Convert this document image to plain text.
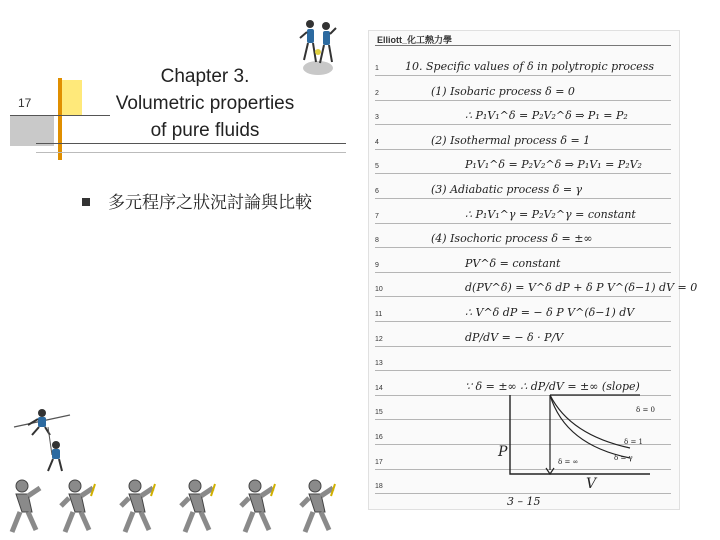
17
Chapter 3.
Volumetric properties
of pure fluids
多元程序之狀況討論與比較
Elliott_化工熱力學
1 10. Specific values of δ in polytropic process
2	(1) Isobaric process δ = 0
3	∴ P₁V₁^δ = P₂V₂^δ ⇒ P₁ = P₂
4	(2) Isothermal process δ = 1
5	P₁V₁^δ = P₂V₂^δ ⇒ P₁V₁ = P₂V₂
6	(3) Adiabatic process δ = γ
7	∴ P₁V₁^γ = P₂V₂^γ = constant
8	(4) Isochoric process δ = ±∞
9	PV^δ = constant
10	d(PV^δ) = V^δ dP + δ P V^(δ−1) dV = 0
11	∴ V^δ dP = − δ P V^(δ−1) dV
12	dP/dV = − δ · P/V
13
14	∵ δ = ±∞ ∴ dP/dV = ±∞ (slope)
15
16
17
18
3 – 15
P
V
δ = 0
δ = 1
δ = γ
δ = ∞
